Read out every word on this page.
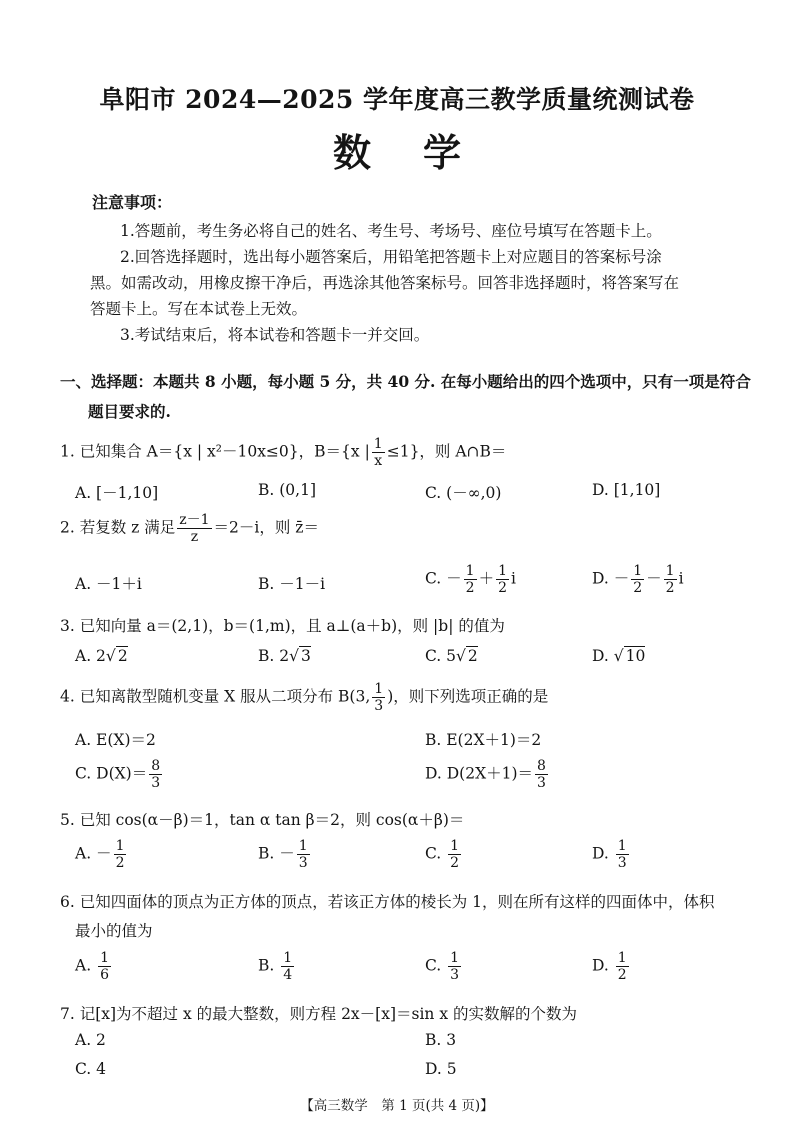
阜阳市 2024—2025 学年度高三教学质量统测试卷
数学
注意事项：
1.答题前，考生务必将自己的姓名、考生号、考场号、座位号填写在答题卡上。
2.回答选择题时，选出每小题答案后，用铅笔把答题卡上对应题目的答案标号涂
黑。如需改动，用橡皮擦干净后，再选涂其他答案标号。回答非选择题时，将答案写在
答题卡上。写在本试卷上无效。
3.考试结束后，将本试卷和答题卡一并交回。
一、选择题：本题共 8 小题，每小题 5 分，共 40 分. 在每小题给出的四个选项中，只有一项是符合
题目要求的.
1. 已知集合 A＝{x | x²－10x≤0}，B＝{x | $\frac{1}{x} \le 1$}，则 A∩B＝
A. [－1,10]	B. (0,1]	C. (－∞,0)	D. [1,10]
2. 若复数 z 满足 $\frac{z-1}{z} =2-i$，则 z̄＝
A. －1＋i	B. －1－i	C. － $\frac{1}{2} + \frac{1}{2}$ i	D. － $\frac{1}{2} - \frac{1}{2}$ i
3. 已知向量 a＝(2,1)，b＝(1,m)，且 a⊥(a＋b)，则 |b| 的值为
A. 2√ 2	B. 2√ 3	C. 5√ 2	D. √ 10
4. 已知离散型随机变量 X 服从二项分布 B(3, $\frac{1}{3}$ )，则下列选项正确的是
A. E(X)＝2	B. E(2X＋1)＝2
C. $D(X)= \frac{8}{3}$	D. $D(2X+1)= \frac{8}{3}$
5. 已知 cos(α－β)＝1，tan α tan β＝2，则 cos(α＋β)＝
A. － $\frac{1}{2}$	B. － $\frac{1}{3}$	C. $\frac{1}{2}$	D. $\frac{1}{3}$
6. 已知四面体的顶点为正方体的顶点，若该正方体的棱长为 1，则在所有这样的四面体中，体积
最小的值为
A. $\frac{1}{6}$	B. $\frac{1}{4}$	C. $\frac{1}{3}$	D. $\frac{1}{2}$
7. 记[x]为不超过 x 的最大整数，则方程 2x－[x]＝sin x 的实数解的个数为
A. 2	B. 3
C. 4	D. 5
【高三数学　第 1 页(共 4 页)】
